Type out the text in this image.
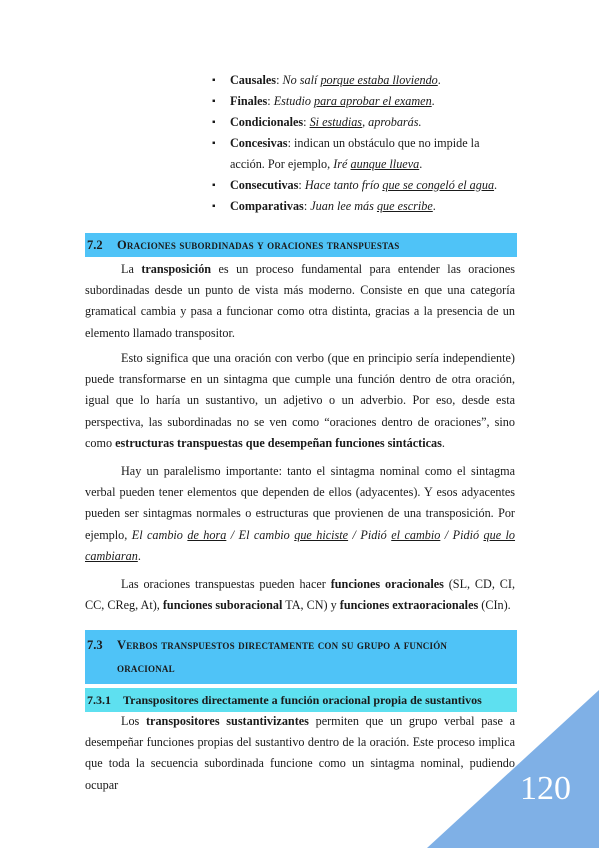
▪ Causales: No salí porque estaba lloviendo.
▪ Finales: Estudio para aprobar el examen.
▪ Condicionales: Si estudias, aprobarás.
▪ Concesivas: indican un obstáculo que no impide la acción. Por ejemplo, Iré aunque llueva.
▪ Consecutivas: Hace tanto frío que se congeló el agua.
▪ Comparativas: Juan lee más que escribe.
7.2 Oraciones subordinadas y oraciones transpuestas

La transposición es un proceso fundamental para entender las oraciones subordinadas desde un punto de vista más moderno. Consiste en que una categoría gramatical cambia y pasa a funcionar como otra distinta, gracias a la presencia de un elemento llamado transpositor.

Esto significa que una oración con verbo (que en principio sería independiente) puede transformarse en un sintagma que cumple una función dentro de otra oración, igual que lo haría un sustantivo, un adjetivo o un adverbio. Por eso, desde esta perspectiva, las subordinadas no se ven como “oraciones dentro de oraciones”, sino como estructuras transpuestas que desempeñan funciones sintácticas.

Hay un paralelismo importante: tanto el sintagma nominal como el sintagma verbal pueden tener elementos que dependen de ellos (adyacentes). Y esos adyacentes pueden ser sintagmas normales o estructuras que provienen de una transposición. Por ejemplo, El cambio de hora / El cambio que hiciste / Pidió el cambio / Pidió que lo cambiaran.

Las oraciones transpuestas pueden hacer funciones oracionales (SL, CD, CI, CC, CReg, At), funciones suboracional TA, CN) y funciones extraoracionales (CIn).

7.3 Verbos transpuestos directamente con su grupo a función
oracional
7.3.1 Transpositores directamente a función oracional propia de sustantivos

Los transpositores sustantivizantes permiten que un grupo verbal pase a desempeñar funciones propias del sustantivo dentro de la oración. Este proceso implica que toda la secuencia subordinada funcione como un sintagma nominal, pudiendo ocupar	120
